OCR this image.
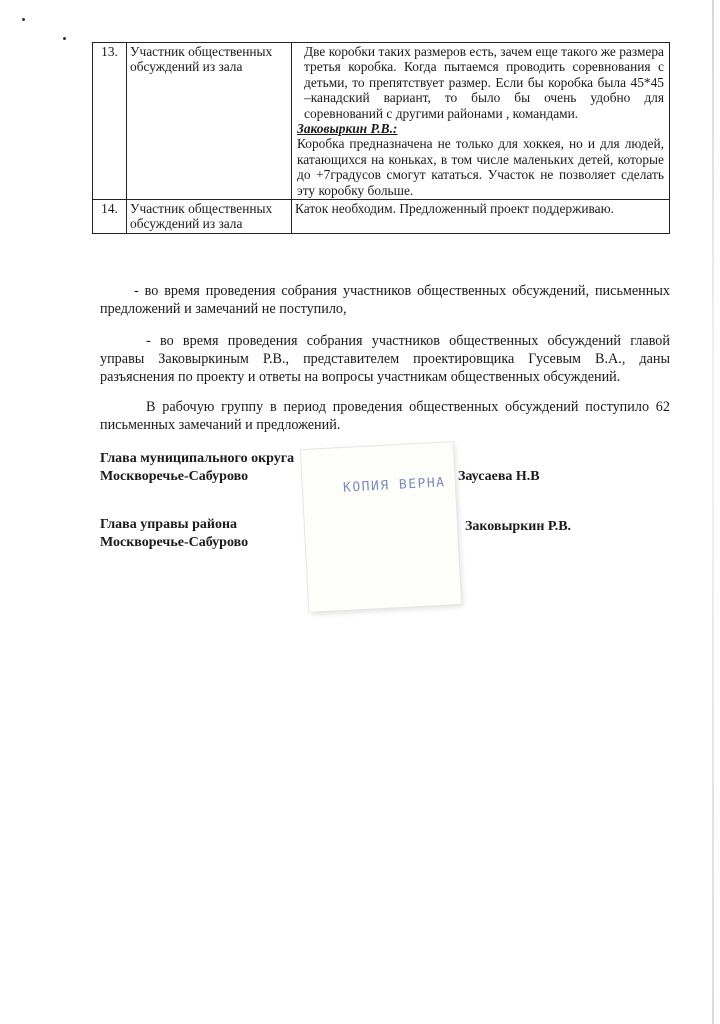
13.	Участник общественных обсуждений из зала	Две коробки таких размеров есть, зачем еще такого же размера третья коробка. Когда пытаемся проводить соревнования с детьми, то препятствует размер. Если бы коробка была 45*45 –канадский вариант, то было бы очень удобно для соревнований с другими районами , командами.
Заковыркин Р.В.:
Коробка предназначена не только для хоккея, но и для людей, катающихся на коньках, в том числе маленьких детей, которые до +7градусов смогут кататься. Участок не позволяет сделать эту коробку больше.

14.	Участник общественных обсуждений из зала	Каток необходим. Предложенный проект поддерживаю.
- во время проведения собрания участников общественных обсуждений, письменных предложений и замечаний не поступило,
- во время проведения собрания участников общественных обсуждений главой управы Заковыркиным Р.В., представителем проектировщика Гусевым В.А., даны разъяснения по проекту и ответы на вопросы участникам общественных обсуждений.
В рабочую группу в период проведения общественных обсуждений поступило 62 письменных замечаний и предложений.
КОПИЯ ВЕРНА
Глава муниципального округа
Москворечье-Сабурово	Заусаева Н.В
Глава управы района
Москворечье-Сабурово
Заковыркин Р.В.
